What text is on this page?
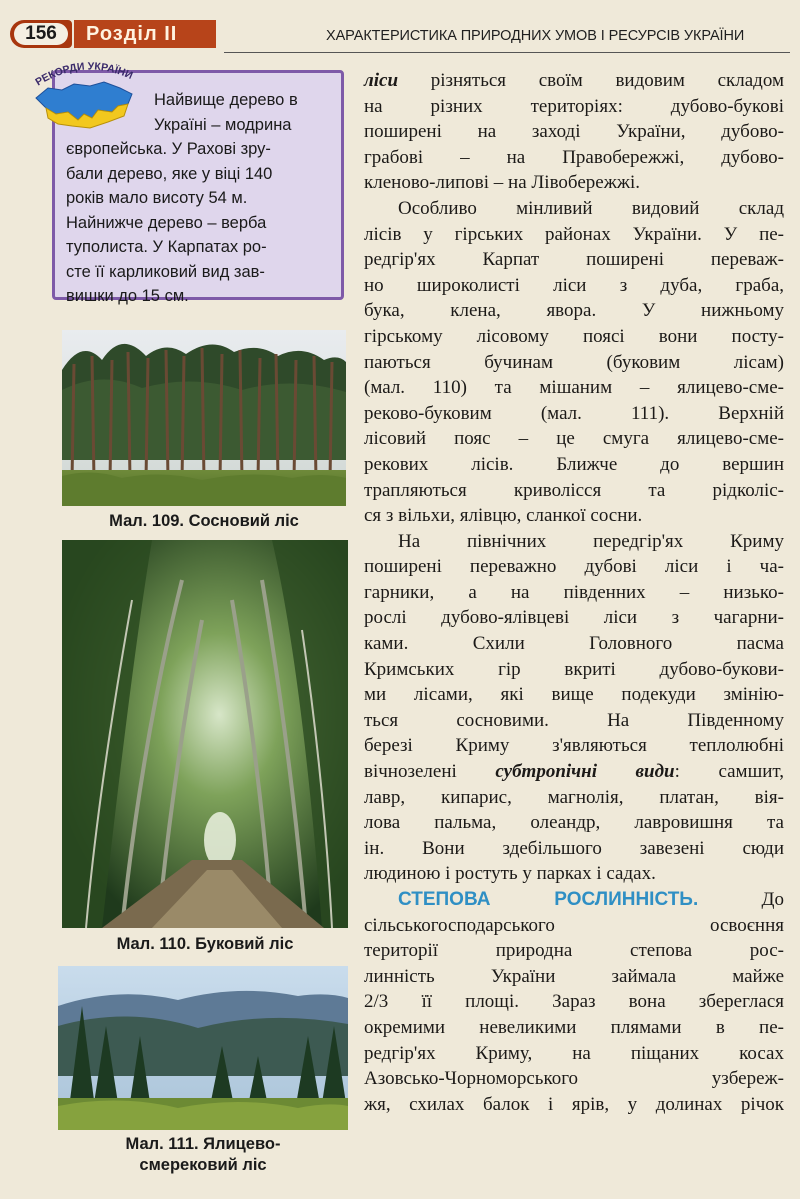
156	Розділ II	ХАРАКТЕРИСТИКА ПРИРОДНИХ УМОВ І РЕСУРСІВ УКРАЇНИ
РЕКОРДИ УКРАЇНИ
Найвище дерево в
Україні – модрина
європейська. У Рахові зру-
бали дерево, яке у віці 140
років мало висоту 54 м.
Найнижче дерево – верба
туполиста. У Карпатах ро-
сте її карликовий вид зав-
вишки до 15 см.
Мал. 109. Сосновий ліс
Мал. 110. Буковий ліс
Мал. 111. Ялицево-
смерековий ліс
ліси різняться своїм видовим складом
на різних територіях: дубово-букові
поширені на заході України, дубово-
грабові – на Правобережжі, дубово-
кленово-липові – на Лівобережжі.
Особливо мінливий видовий склад
лісів у гірських районах України. У пе-
редгір'ях Карпат поширені переваж-
но широколисті ліси з дуба, граба,
бука, клена, явора. У нижньому
гірському лісовому поясі вони посту-
паються бучинам (буковим лісам)
(мал. 110) та мішаним – ялицево-сме-
реково-буковим (мал. 111). Верхній
лісовий пояс – це смуга ялицево-сме-
рекових лісів. Ближче до вершин
трапляються криволісся та рідколіс-
ся з вільхи, ялівцю, сланкої сосни.
На північних передгір'ях Криму
поширені переважно дубові ліси і ча-
гарники, а на південних – низько-
рослі дубово-ялівцеві ліси з чагарни-
ками. Схили Головного пасма
Кримських гір вкриті дубово-букови-
ми лісами, які вище подекуди змінію-
ться сосновими. На Південному
березі Криму з'являються теплолюбні
вічнозелені субтропічні види: самшит,
лавр, кипарис, магнолія, платан, вія-
лова пальма, олеандр, лавровишня та
ін. Вони здебільшого завезені сюди
людиною і ростуть у парках і садах.
СТЕПОВА РОСЛИННІСТЬ. До
сільськогосподарського освоєння
території природна степова рос-
линність України займала майже
2/3 її площі. Зараз вона збереглася
окремими невеликими плямами в пе-
редгір'ях Криму, на піщаних косах
Азовсько-Чорноморського узбереж-
жя, схилах балок і ярів, у долинах річок
